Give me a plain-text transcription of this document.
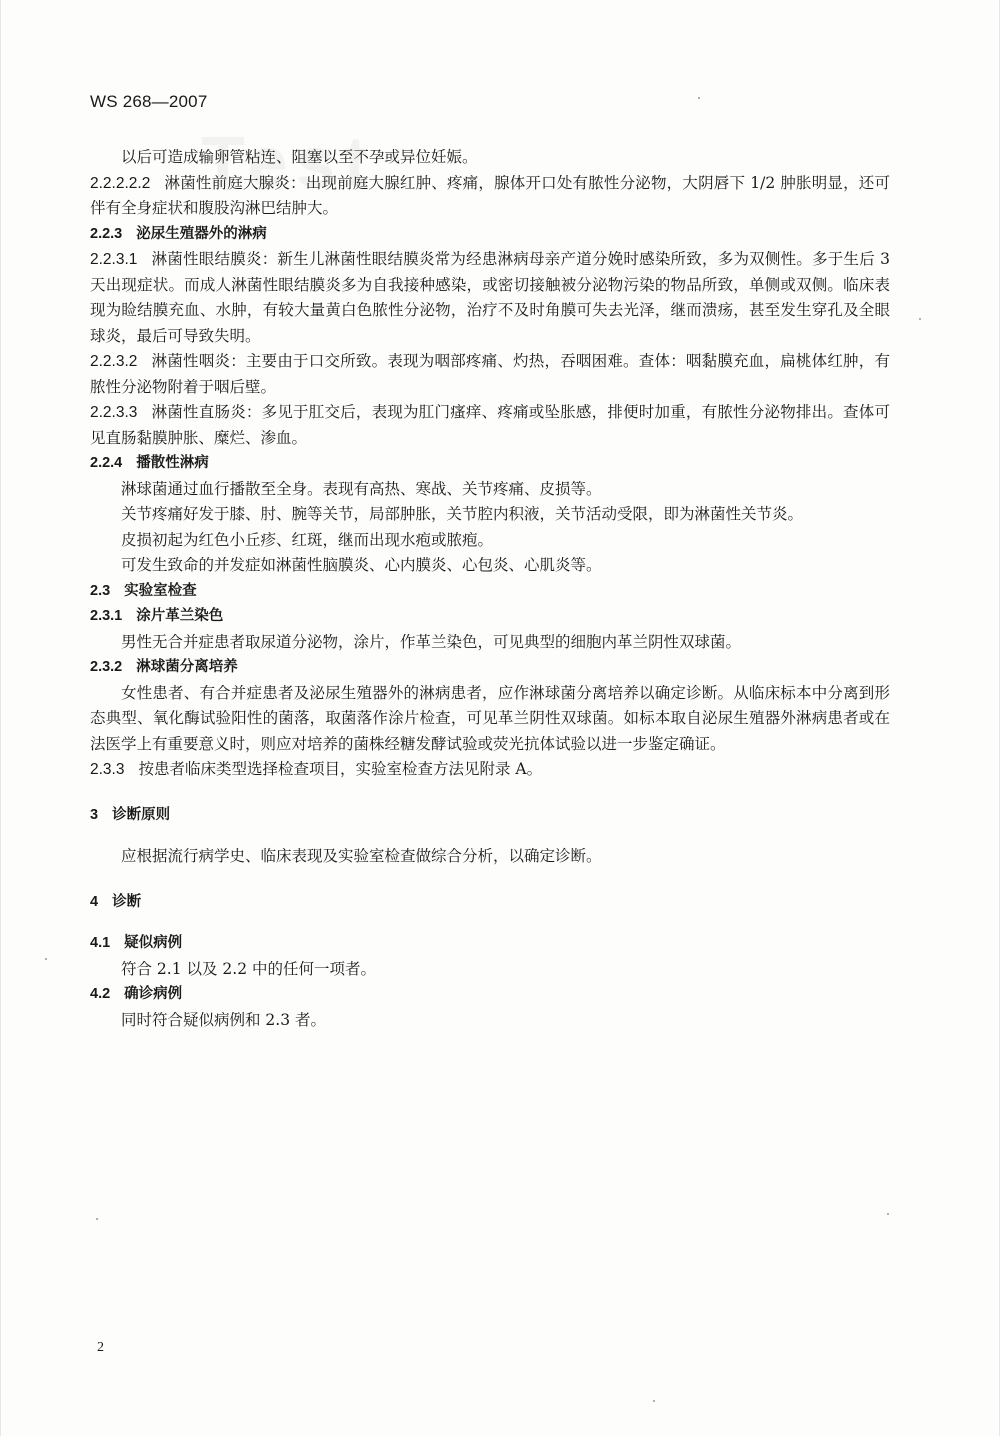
WS 268—2007

以后可造成输卵管粘连、阻塞以至不孕或异位妊娠。

2.2.2.2.2 淋菌性前庭大腺炎：出现前庭大腺红肿、疼痛，腺体开口处有脓性分泌物，大阴唇下 1/2 肿胀明显，还可伴有全身症状和腹股沟淋巴结肿大。

2.2.3 泌尿生殖器外的淋病

2.2.3.1 淋菌性眼结膜炎：新生儿淋菌性眼结膜炎常为经患淋病母亲产道分娩时感染所致，多为双侧性。多于生后 3 天出现症状。而成人淋菌性眼结膜炎多为自我接种感染，或密切接触被分泌物污染的物品所致，单侧或双侧。临床表现为睑结膜充血、水肿，有较大量黄白色脓性分泌物，治疗不及时角膜可失去光泽，继而溃疡，甚至发生穿孔及全眼球炎，最后可导致失明。

2.2.3.2 淋菌性咽炎：主要由于口交所致。表现为咽部疼痛、灼热，吞咽困难。查体：咽黏膜充血，扁桃体红肿，有脓性分泌物附着于咽后壁。

2.2.3.3 淋菌性直肠炎：多见于肛交后，表现为肛门瘙痒、疼痛或坠胀感，排便时加重，有脓性分泌物排出。查体可见直肠黏膜肿胀、糜烂、渗血。

2.2.4 播散性淋病

淋球菌通过血行播散至全身。表现有高热、寒战、关节疼痛、皮损等。

关节疼痛好发于膝、肘、腕等关节，局部肿胀，关节腔内积液，关节活动受限，即为淋菌性关节炎。

皮损初起为红色小丘疹、红斑，继而出现水疱或脓疱。

可发生致命的并发症如淋菌性脑膜炎、心内膜炎、心包炎、心肌炎等。

2.3 实验室检查

2.3.1 涂片革兰染色

男性无合并症患者取尿道分泌物，涂片，作革兰染色，可见典型的细胞内革兰阴性双球菌。

2.3.2 淋球菌分离培养

女性患者、有合并症患者及泌尿生殖器外的淋病患者，应作淋球菌分离培养以确定诊断。从临床标本中分离到形态典型、氧化酶试验阳性的菌落，取菌落作涂片检查，可见革兰阴性双球菌。如标本取自泌尿生殖器外淋病患者或在法医学上有重要意义时，则应对培养的菌株经糖发酵试验或荧光抗体试验以进一步鉴定确证。

2.3.3 按患者临床类型选择检查项目，实验室检查方法见附录 A。

3 诊断原则

应根据流行病学史、临床表现及实验室检查做综合分析，以确定诊断。

4 诊断

4.1 疑似病例

符合 2.1 以及 2.2 中的任何一项者。

4.2 确诊病例

同时符合疑似病例和 2.3 者。

2
